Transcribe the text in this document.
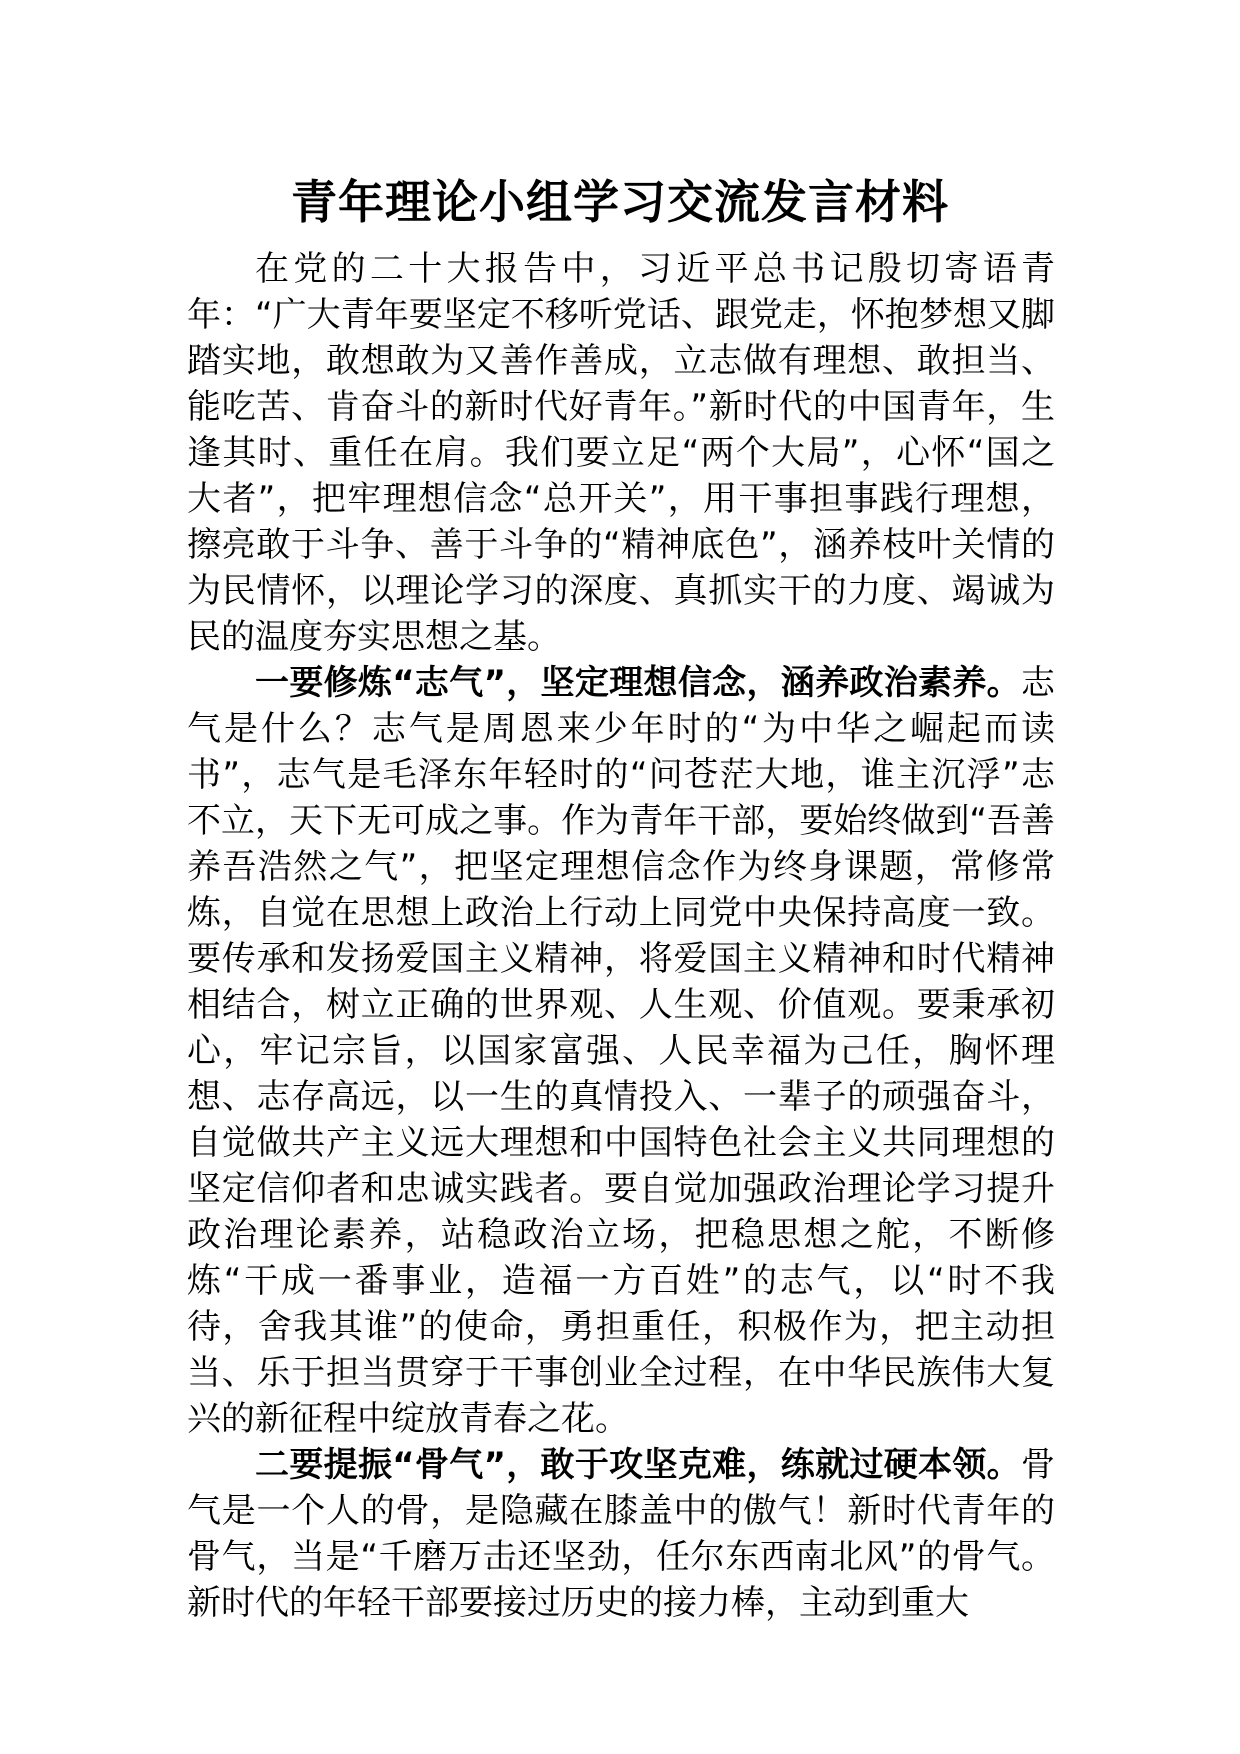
青年理论小组学习交流发言材料

在党的二十大报告中，习近平总书记殷切寄语青年：“广大青年要坚定不移听党话、跟党走，怀抱梦想又脚踏实地，敢想敢为又善作善成，立志做有理想、敢担当、能吃苦、肯奋斗的新时代好青年。”新时代的中国青年，生逢其时、重任在肩。我们要立足“两个大局”，心怀“国之大者”，把牢理想信念“总开关”，用干事担事践行理想，擦亮敢于斗争、善于斗争的“精神底色”，涵养枝叶关情的为民情怀，以理论学习的深度、真抓实干的力度、竭诚为民的温度夯实思想之基。

一要修炼“志气”，坚定理想信念，涵养政治素养。志气是什么？志气是周恩来少年时的“为中华之崛起而读书”，志气是毛泽东年轻时的“问苍茫大地，谁主沉浮”志不立，天下无可成之事。作为青年干部，要始终做到“吾善养吾浩然之气”，把坚定理想信念作为终身课题，常修常炼，自觉在思想上政治上行动上同党中央保持高度一致。要传承和发扬爱国主义精神，将爱国主义精神和时代精神相结合，树立正确的世界观、人生观、价值观。要秉承初心，牢记宗旨，以国家富强、人民幸福为己任，胸怀理想、志存高远，以一生的真情投入、一辈子的顽强奋斗，自觉做共产主义远大理想和中国特色社会主义共同理想的坚定信仰者和忠诚实践者。要自觉加强政治理论学习提升政治理论素养，站稳政治立场，把稳思想之舵，不断修炼“干成一番事业，造福一方百姓”的志气，以“时不我待，舍我其谁”的使命，勇担重任，积极作为，把主动担当、乐于担当贯穿于干事创业全过程，在中华民族伟大复兴的新征程中绽放青春之花。

二要提振“骨气”，敢于攻坚克难，练就过硬本领。骨气是一个人的骨，是隐藏在膝盖中的傲气！新时代青年的骨气，当是“千磨万击还坚劲，任尔东西南北风”的骨气。新时代的年轻干部要接过历史的接力棒，主动到重大
